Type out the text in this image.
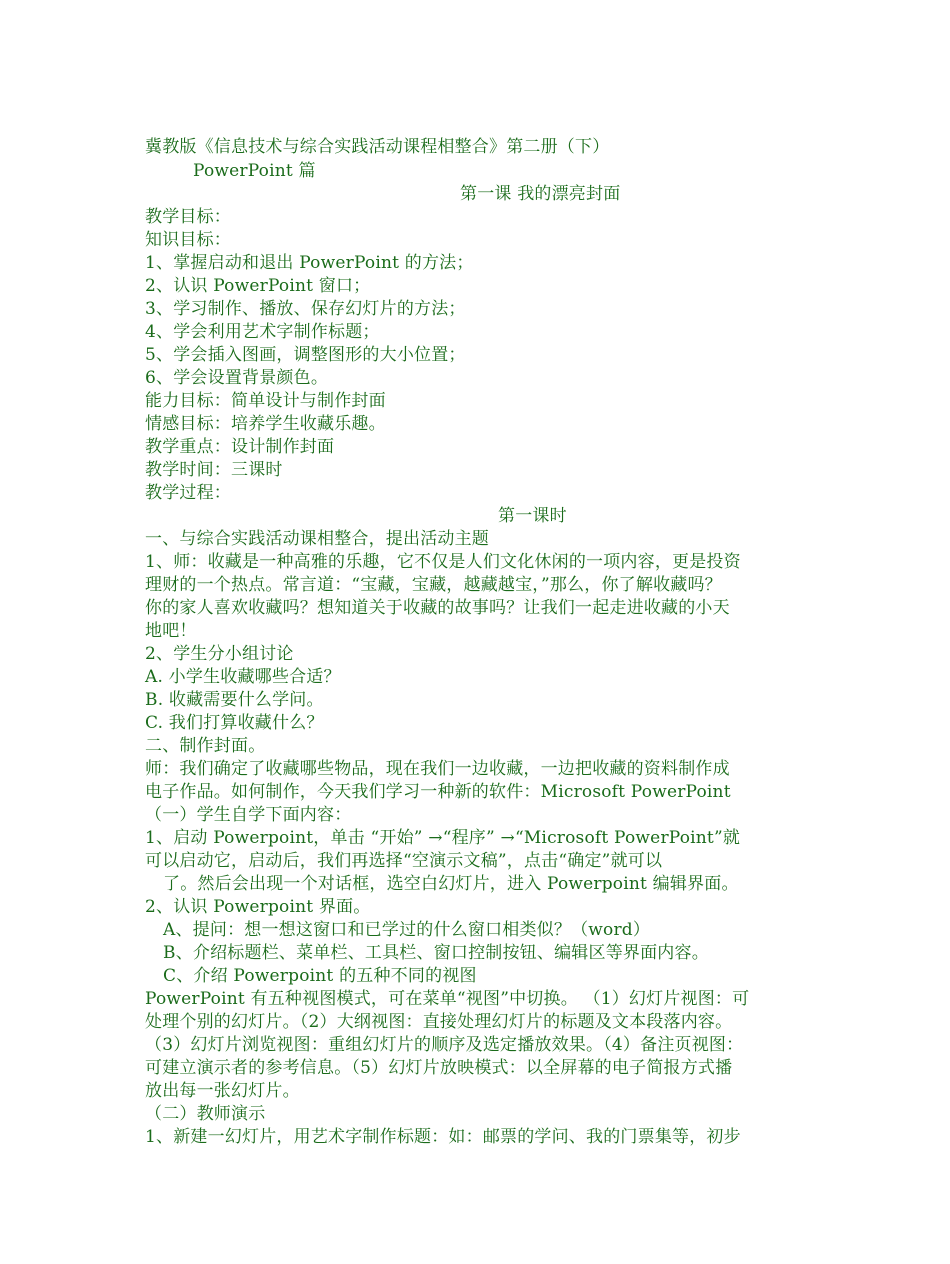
冀教版《信息技术与综合实践活动课程相整合》第二册（下）
PowerPoint 篇
第一课 我的漂亮封面
教学目标：
知识目标：
1、掌握启动和退出 PowerPoint 的方法；
2、认识 PowerPoint 窗口；
3、学习制作、播放、保存幻灯片的方法；
4、学会利用艺术字制作标题；
5、学会插入图画，调整图形的大小位置；
6、学会设置背景颜色。
能力目标：简单设计与制作封面
情感目标：培养学生收藏乐趣。
教学重点：设计制作封面
教学时间：三课时
教学过程：
第一课时
一、与综合实践活动课相整合，提出活动主题
1、师：收藏是一种高雅的乐趣，它不仅是人们文化休闲的一项内容，更是投资
理财的一个热点。常言道：“宝藏，宝藏，越藏越宝，”那么，你了解收藏吗？
你的家人喜欢收藏吗？想知道关于收藏的故事吗？让我们一起走进收藏的小天
地吧！
2、学生分小组讨论
A. 小学生收藏哪些合适？
B. 收藏需要什么学问。
C. 我们打算收藏什么？
二、制作封面。
师：我们确定了收藏哪些物品，现在我们一边收藏，一边把收藏的资料制作成
电子作品。如何制作，今天我们学习一种新的软件：Microsoft PowerPoint
（一）学生自学下面内容：
1、启动 Powerpoint，单击 “开始” →“程序” →“Microsoft PowerPoint”就
可以启动它，启动后，我们再选择“空演示文稿”，点击“确定”就可以
了。然后会出现一个对话框，选空白幻灯片，进入 Powerpoint 编辑界面。
2、认识 Powerpoint 界面。
A、提问：想一想这窗口和已学过的什么窗口相类似？（word）
B、介绍标题栏、菜单栏、工具栏、窗口控制按钮、编辑区等界面内容。
C、介绍 Powerpoint 的五种不同的视图
PowerPoint 有五种视图模式，可在菜单“视图”中切换。 （1）幻灯片视图：可
处理个别的幻灯片。（2）大纲视图：直接处理幻灯片的标题及文本段落内容。
（3）幻灯片浏览视图：重组幻灯片的顺序及选定播放效果。（4）备注页视图：
可建立演示者的参考信息。（5）幻灯片放映模式：以全屏幕的电子简报方式播
放出每一张幻灯片。
（二）教师演示
1、新建一幻灯片，用艺术字制作标题：如：邮票的学问、我的门票集等，初步
